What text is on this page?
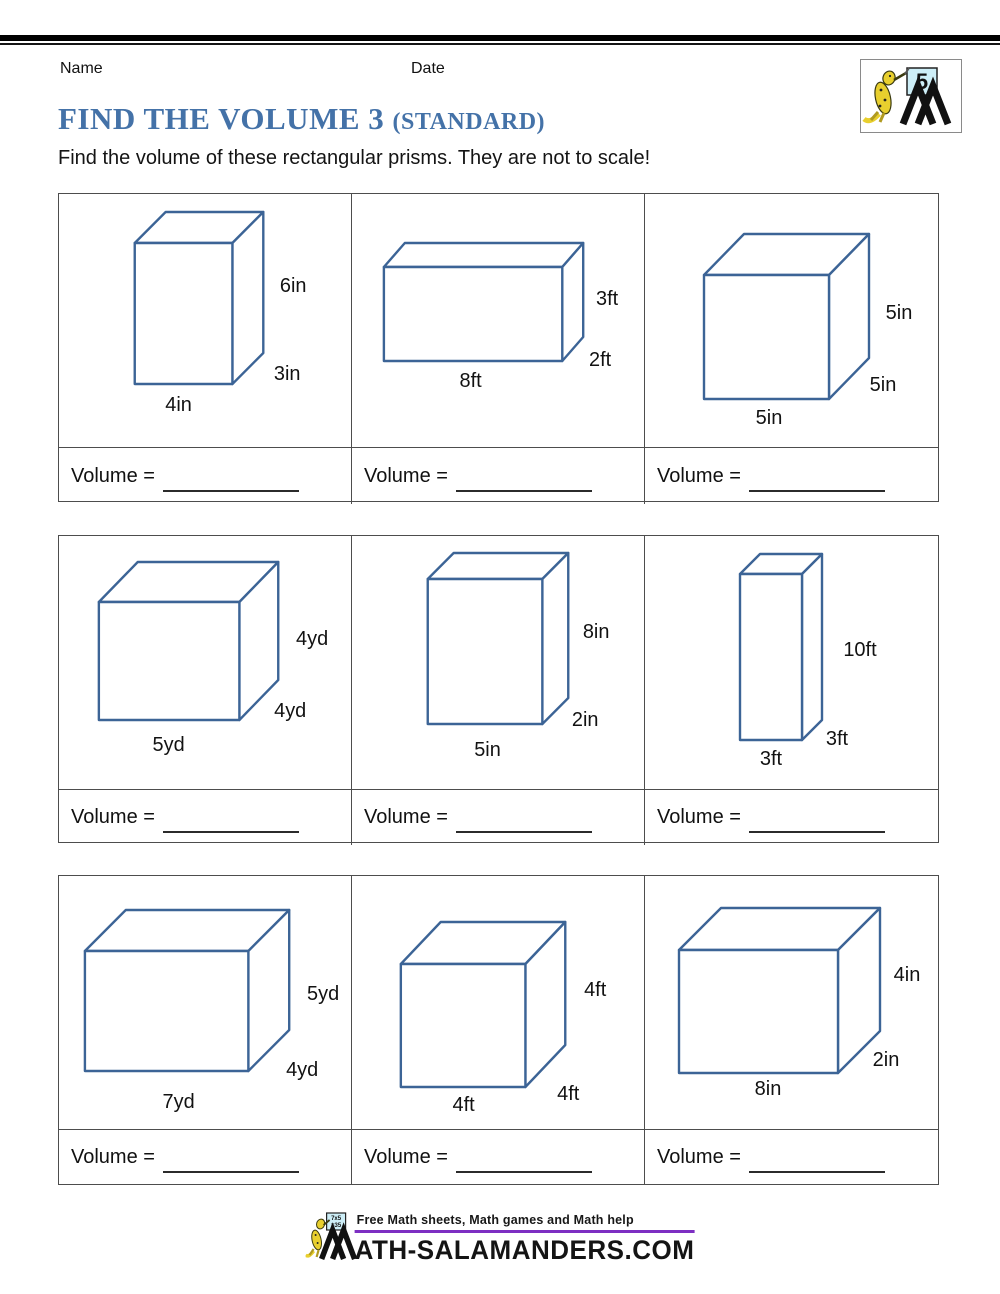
Name	Date
5
FIND THE VOLUME 3 (STANDARD)
Find the volume of these rectangular prisms. They are not to scale!
6in
3in
4in
3ft
2ft
8ft
5in
5in
5in
Volume =	Volume =	Volume =
4yd
4yd
5yd
8in
2in
5in
10ft
3ft
3ft
Volume =	Volume =	Volume =
5yd
4yd
7yd
4ft
4ft
4ft
4in
2in
8in
Volume =	Volume =	Volume =
7x5
=35 Free Math sheets, Math games and Math help
ATH-SALAMANDERS.COM
